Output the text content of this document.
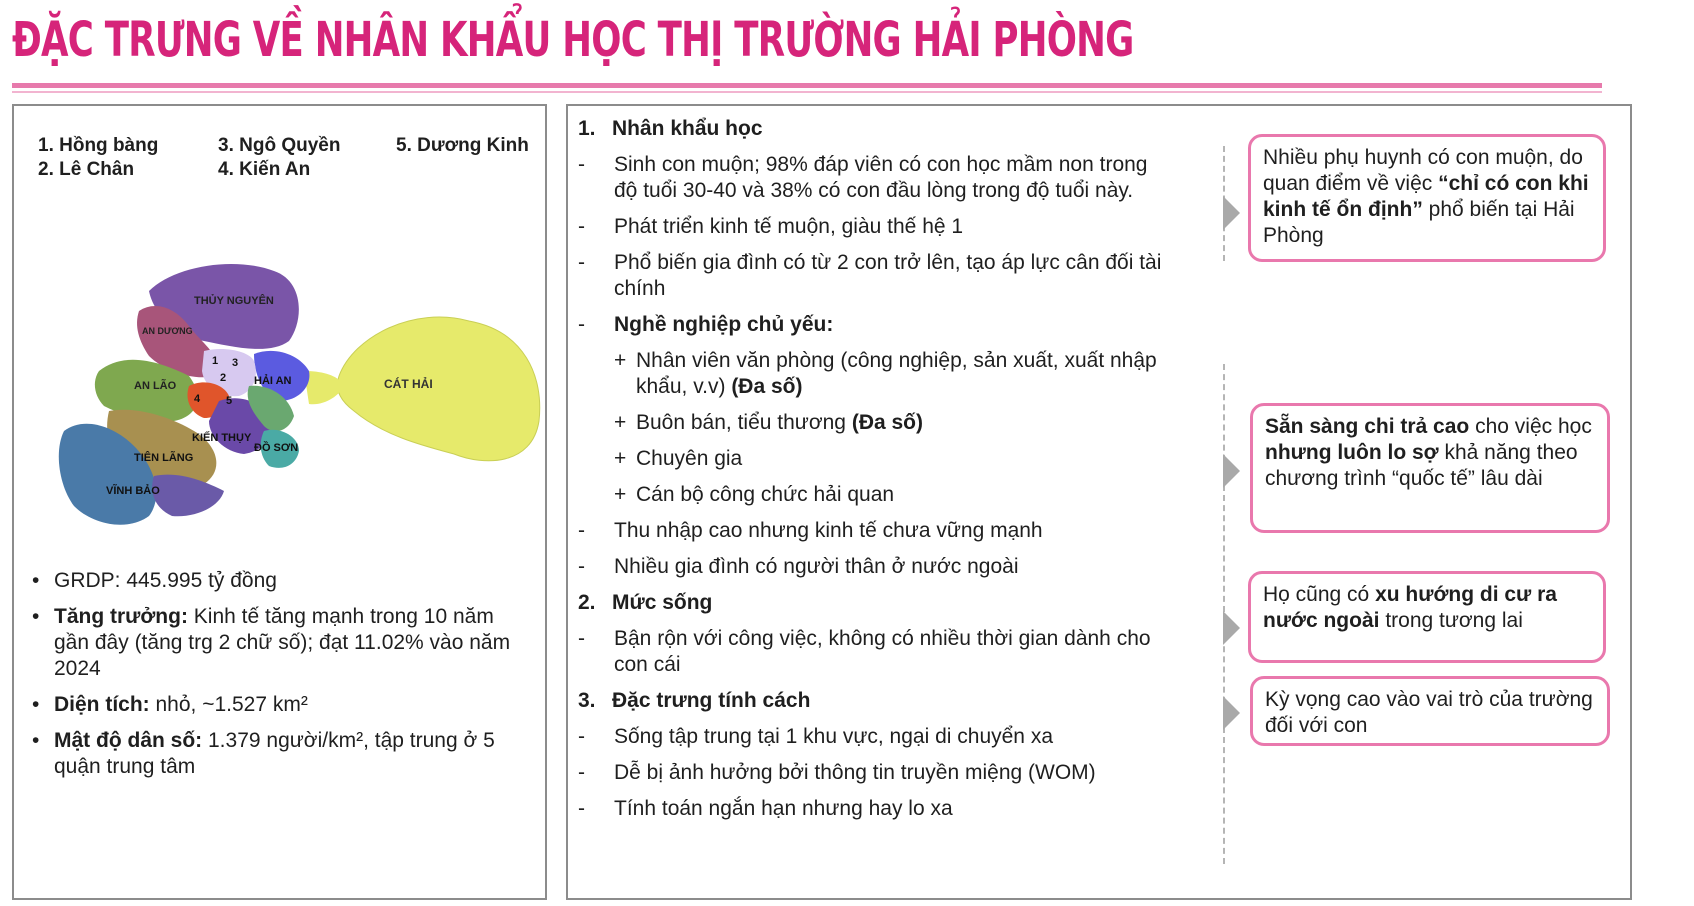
ĐẶC TRƯNG VỀ NHÂN KHẨU HỌC THỊ TRƯỜNG HẢI PHÒNG
1. Hồng bàng
2. Lê Chân
3. Ngô Quyền
4. Kiến An
5. Dương Kinh
THỦY NGUYÊN
AN DƯƠNG
AN LÃO	HẢI AN	CÁT HẢI
KIẾN THỤY
TIÊN LÃNG
ĐỒ SƠN
VĨNH BẢO
1
2
3
4 5
• GRDP: 445.995 tỷ đồng
• Tăng trưởng: Kinh tế tăng mạnh trong 10 năm gần đây (tăng trg 2 chữ số); đạt 11.02% vào năm 2024
• Diện tích: nhỏ, ~1.527 km²
• Mật độ dân số: 1.379 người/km², tập trung ở 5 quận trung tâm
1. Nhân khẩu học
- Sinh con muộn; 98% đáp viên có con học mầm non trong độ tuổi 30-40 và 38% có con đầu lòng trong độ tuổi này.
- Phát triển kinh tế muộn, giàu thế hệ 1
- Phổ biến gia đình có từ 2 con trở lên, tạo áp lực cân đối tài chính
- Nghề nghiệp chủ yếu:
+ Nhân viên văn phòng (công nghiệp, sản xuất, xuất nhập khẩu, v.v) (Đa số)
+ Buôn bán, tiểu thương (Đa số)
+ Chuyên gia
+ Cán bộ công chức hải quan
- Thu nhập cao nhưng kinh tế chưa vững mạnh
- Nhiều gia đình có người thân ở nước ngoài
2. Mức sống
- Bận rộn với công việc, không có nhiều thời gian dành cho con cái
3. Đặc trưng tính cách
- Sống tập trung tại 1 khu vực, ngại di chuyển xa
- Dễ bị ảnh hưởng bởi thông tin truyền miệng (WOM)
- Tính toán ngắn hạn nhưng hay lo xa
Nhiều phụ huynh có con muộn, do quan điểm về việc “chỉ có con khi kinh tế ổn định” phổ biến tại Hải Phòng
Sẵn sàng chi trả cao cho việc học nhưng luôn lo sợ khả năng theo chương trình “quốc tế” lâu dài
Họ cũng có xu hướng di cư ra nước ngoài trong tương lai
Kỳ vọng cao vào vai trò của trường đối với con
